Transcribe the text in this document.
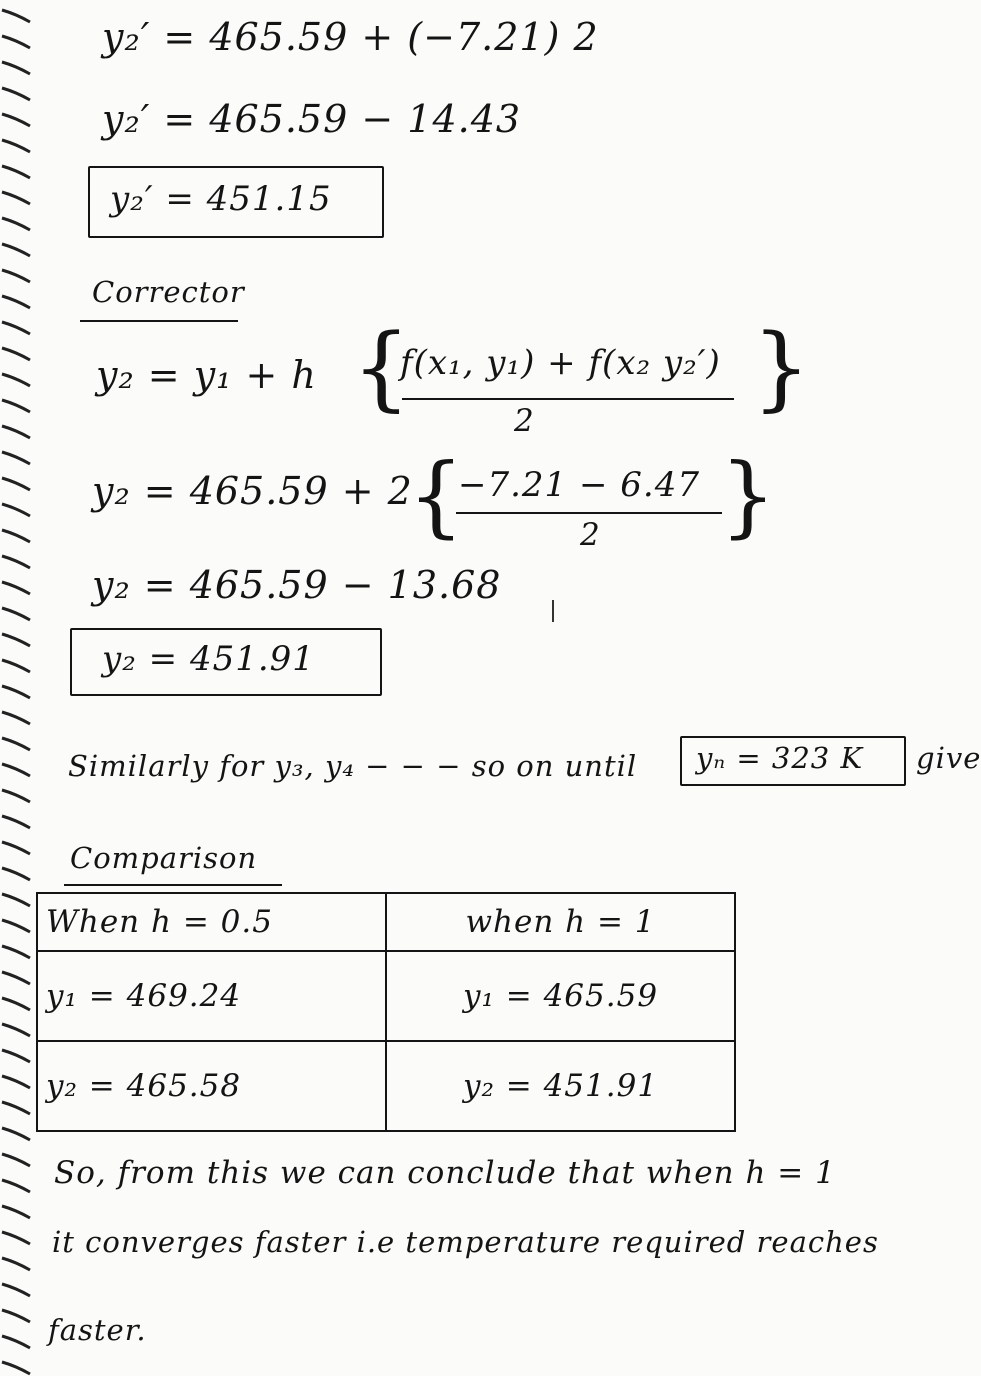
y₂′ = 465.59 + (−7.21) 2
y₂′ = 465.59 − 14.43
y₂′ = 451.15
Corrector
y₂ = y₁ + h {
f(x₁, y₁) + f(x₂ y₂′)
2 }
y₂ = 465.59 + 2
{
−7.21 − 6.47
2 }
y₂ = 465.59 − 13.68
y₂ = 451.91
Similarly for y₃, y₄ − − − so on until yₙ = 323 K give
Comparison
When h = 0.5	when h = 1
y₁ = 469.24	y₁ = 465.59
y₂ = 465.58	y₂ = 451.91
So, from this we can conclude that when h = 1
it converges faster i.e temperature required reaches
faster.
